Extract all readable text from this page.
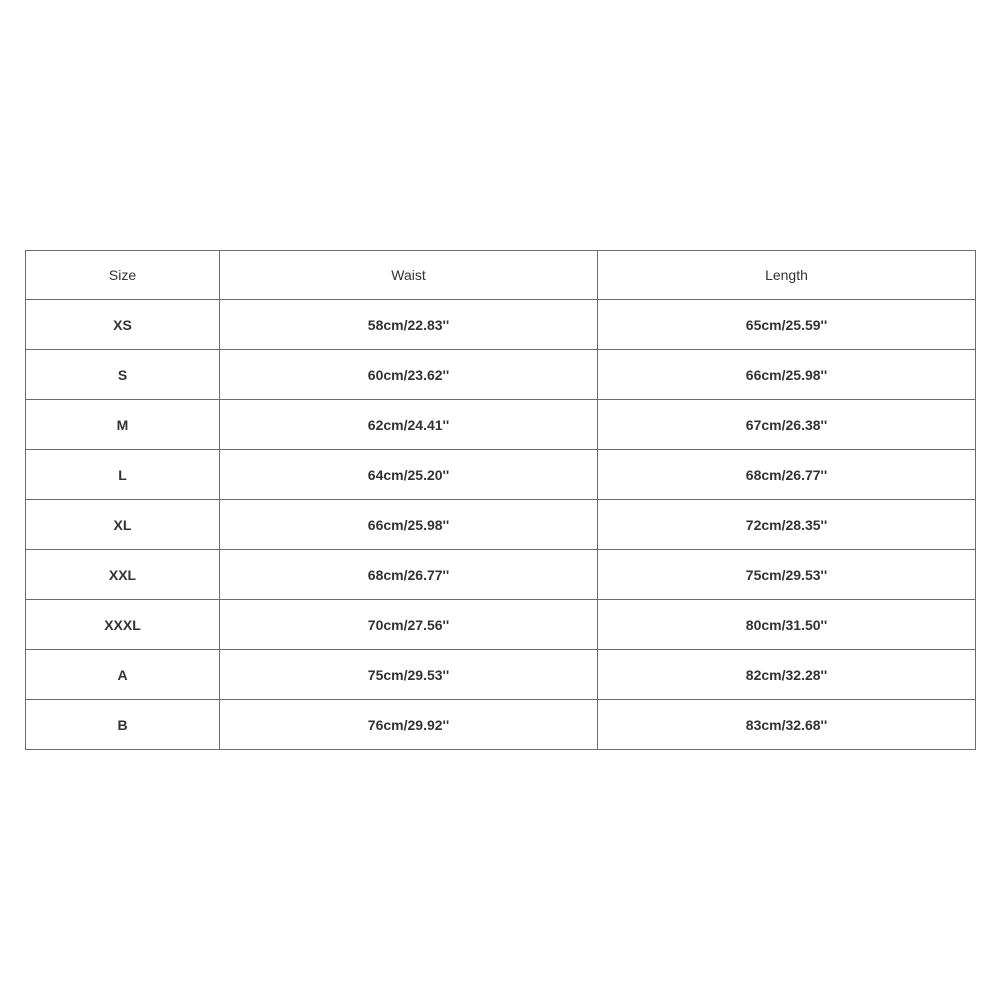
Size	Waist	Length
XS	58cm/22.83''	65cm/25.59''
S	60cm/23.62''	66cm/25.98''
M	62cm/24.41''	67cm/26.38''
L	64cm/25.20''	68cm/26.77''
XL	66cm/25.98''	72cm/28.35''
XXL	68cm/26.77''	75cm/29.53''
XXXL	70cm/27.56''	80cm/31.50''
A	75cm/29.53''	82cm/32.28''
B	76cm/29.92''	83cm/32.68''
